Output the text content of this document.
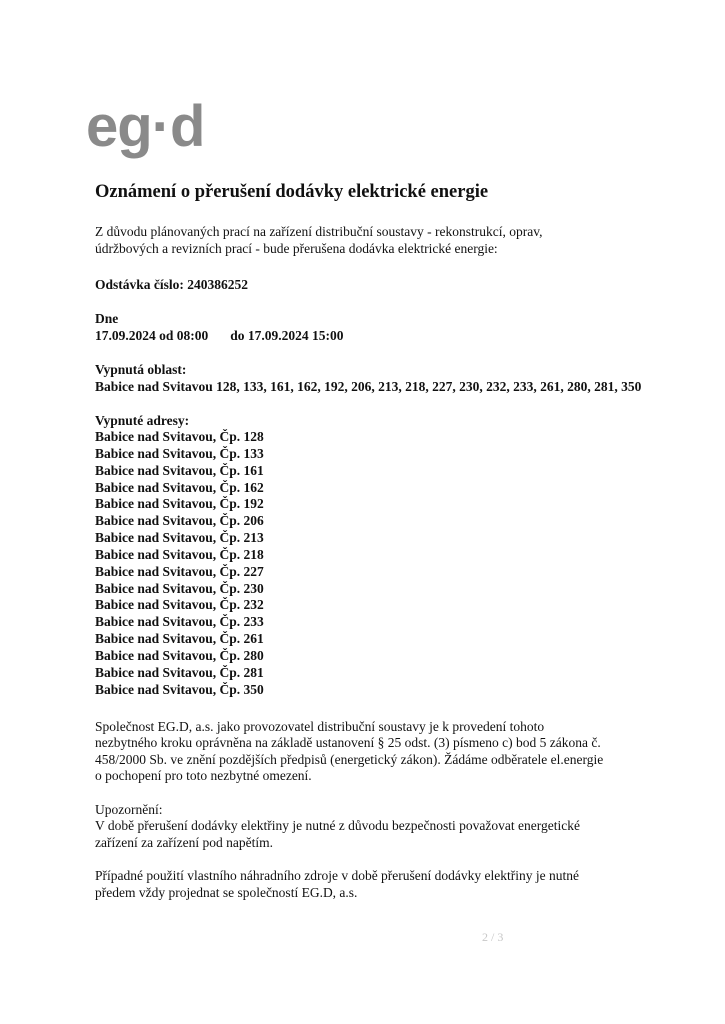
eg·d
Oznámení o přerušení dodávky elektrické energie
Z důvodu plánovaných prací na zařízení distribuční soustavy - rekonstrukcí, oprav,
údržbových a revizních prací - bude přerušena dodávka elektrické energie:
Odstávka číslo: 240386252
Dne
17.09.2024 od 08:00 do 17.09.2024 15:00
Vypnutá oblast:
Babice nad Svitavou 128, 133, 161, 162, 192, 206, 213, 218, 227, 230, 232, 233, 261, 280, 281, 350
Vypnuté adresy:
Babice nad Svitavou, Čp. 128
Babice nad Svitavou, Čp. 133
Babice nad Svitavou, Čp. 161
Babice nad Svitavou, Čp. 162
Babice nad Svitavou, Čp. 192
Babice nad Svitavou, Čp. 206
Babice nad Svitavou, Čp. 213
Babice nad Svitavou, Čp. 218
Babice nad Svitavou, Čp. 227
Babice nad Svitavou, Čp. 230
Babice nad Svitavou, Čp. 232
Babice nad Svitavou, Čp. 233
Babice nad Svitavou, Čp. 261
Babice nad Svitavou, Čp. 280
Babice nad Svitavou, Čp. 281
Babice nad Svitavou, Čp. 350
Společnost EG.D, a.s. jako provozovatel distribuční soustavy je k provedení tohoto
nezbytného kroku oprávněna na základě ustanovení § 25 odst. (3) písmeno c) bod 5 zákona č.
458/2000 Sb. ve znění pozdějších předpisů (energetický zákon). Žádáme odběratele el.energie
o pochopení pro toto nezbytné omezení.
Upozornění:
V době přerušení dodávky elektřiny je nutné z důvodu bezpečnosti považovat energetické
zařízení za zařízení pod napětím.
Případné použití vlastního náhradního zdroje v době přerušení dodávky elektřiny je nutné
předem vždy projednat se společností EG.D, a.s.
2 / 3
